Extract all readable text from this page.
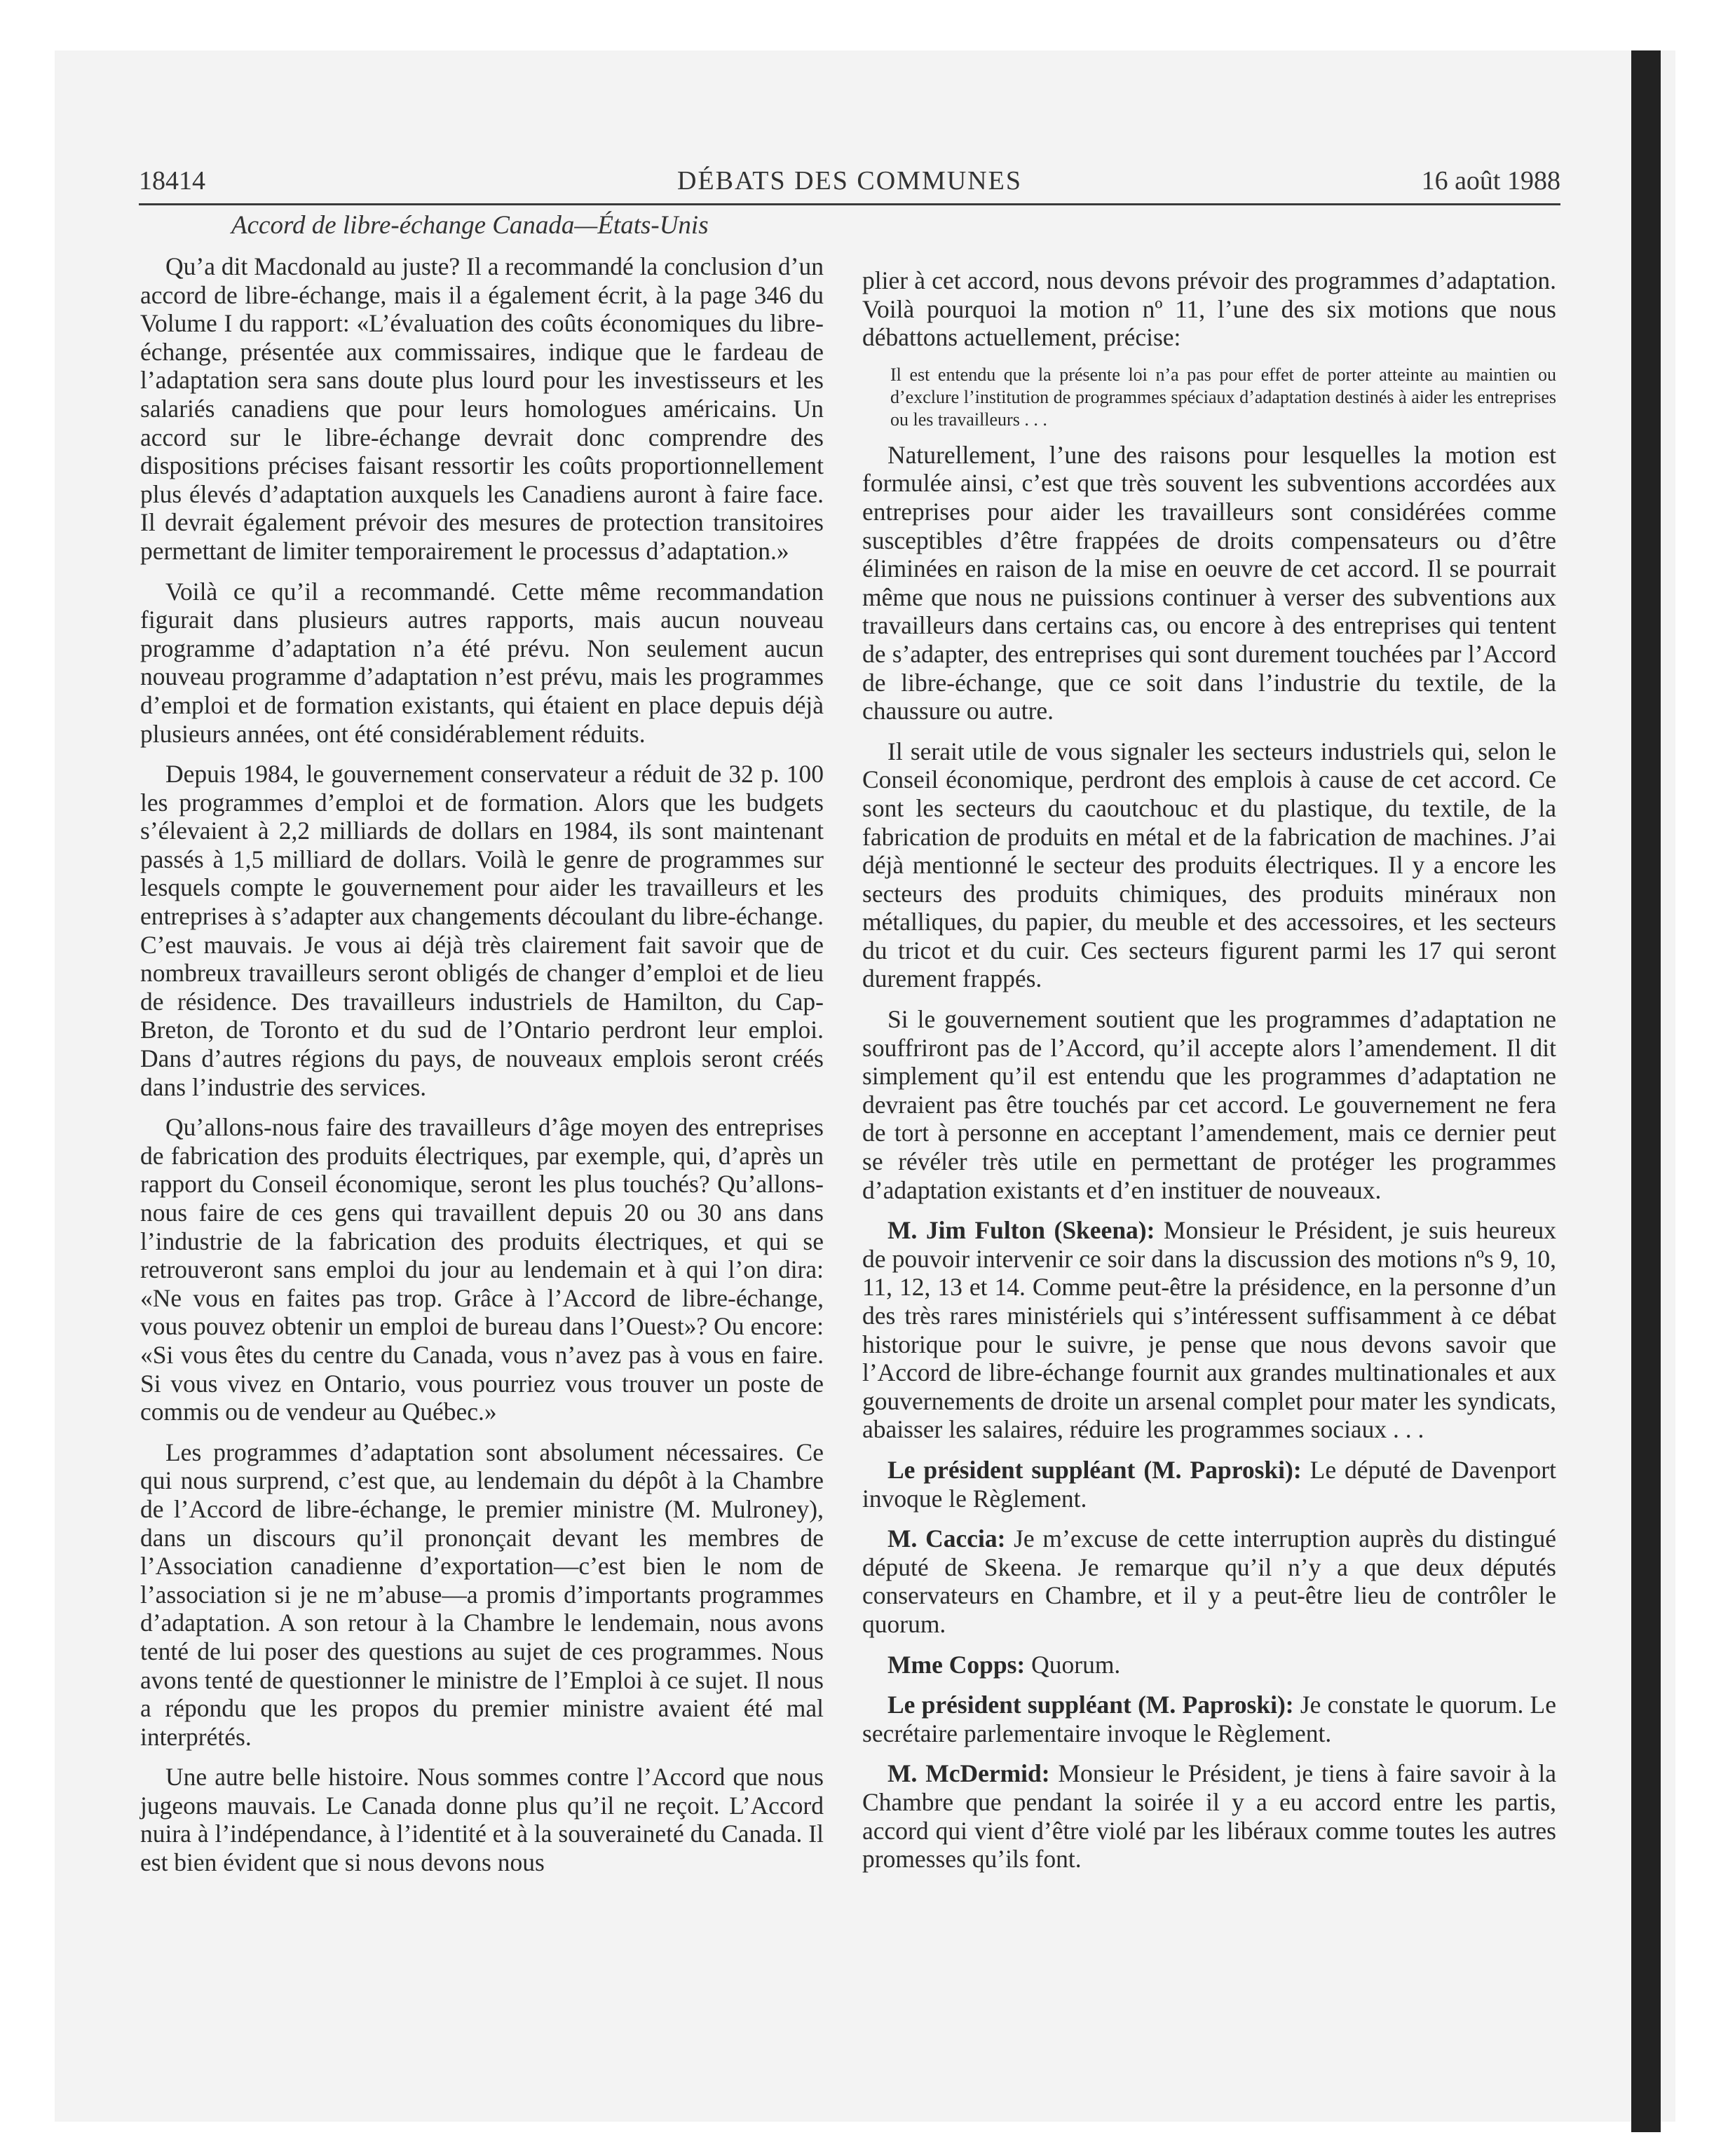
18414	DÉBATS DES COMMUNES	16 août 1988
Accord de libre-échange Canada—États-Unis

Qu’a dit Macdonald au juste? Il a recommandé la conclusion d’un accord de libre-échange, mais il a également écrit, à la page 346 du Volume I du rapport: «L’évaluation des coûts économiques du libre-échange, présentée aux commissaires, indique que le fardeau de l’adaptation sera sans doute plus lourd pour les investisseurs et les salariés canadiens que pour leurs homologues américains. Un accord sur le libre-échange devrait donc comprendre des dispositions précises faisant ressortir les coûts proportionnellement plus élevés d’adaptation auxquels les Canadiens auront à faire face. Il devrait également prévoir des mesures de protection transitoires permettant de limiter temporairement le processus d’adaptation.»

Voilà ce qu’il a recommandé. Cette même recommandation figurait dans plusieurs autres rapports, mais aucun nouveau programme d’adaptation n’a été prévu. Non seulement aucun nouveau programme d’adaptation n’est prévu, mais les programmes d’emploi et de formation existants, qui étaient en place depuis déjà plusieurs années, ont été considérablement réduits.

Depuis 1984, le gouvernement conservateur a réduit de 32 p. 100 les programmes d’emploi et de formation. Alors que les budgets s’élevaient à 2,2 milliards de dollars en 1984, ils sont maintenant passés à 1,5 milliard de dollars. Voilà le genre de programmes sur lesquels compte le gouvernement pour aider les travailleurs et les entreprises à s’adapter aux changements découlant du libre-échange. C’est mauvais. Je vous ai déjà très clairement fait savoir que de nombreux travailleurs seront obligés de changer d’emploi et de lieu de résidence. Des travailleurs industriels de Hamilton, du Cap-Breton, de Toronto et du sud de l’Ontario perdront leur emploi. Dans d’autres régions du pays, de nouveaux emplois seront créés dans l’industrie des services.

Qu’allons-nous faire des travailleurs d’âge moyen des entreprises de fabrication des produits électriques, par exemple, qui, d’après un rapport du Conseil économique, seront les plus touchés? Qu’allons-nous faire de ces gens qui travaillent depuis 20 ou 30 ans dans l’industrie de la fabrication des produits électriques, et qui se retrouveront sans emploi du jour au lendemain et à qui l’on dira: «Ne vous en faites pas trop. Grâce à l’Accord de libre-échange, vous pouvez obtenir un emploi de bureau dans l’Ouest»? Ou encore: «Si vous êtes du centre du Canada, vous n’avez pas à vous en faire. Si vous vivez en Ontario, vous pourriez vous trouver un poste de commis ou de vendeur au Québec.»

Les programmes d’adaptation sont absolument nécessaires. Ce qui nous surprend, c’est que, au lendemain du dépôt à la Chambre de l’Accord de libre-échange, le premier ministre (M. Mulroney), dans un discours qu’il prononçait devant les membres de l’Association canadienne d’exportation—c’est bien le nom de l’association si je ne m’abuse—a promis d’importants programmes d’adaptation. A son retour à la Chambre le lendemain, nous avons tenté de lui poser des questions au sujet de ces programmes. Nous avons tenté de questionner le ministre de l’Emploi à ce sujet. Il nous a répondu que les propos du premier ministre avaient été mal interprétés.

Une autre belle histoire. Nous sommes contre l’Accord que nous jugeons mauvais. Le Canada donne plus qu’il ne reçoit. L’Accord nuira à l’indépendance, à l’identité et à la souveraineté du Canada. Il est bien évident que si nous devons nous

plier à cet accord, nous devons prévoir des programmes d’adaptation. Voilà pourquoi la motion nº 11, l’une des six motions que nous débattons actuellement, précise:

Il est entendu que la présente loi n’a pas pour effet de porter atteinte au maintien ou d’exclure l’institution de programmes spéciaux d’adaptation destinés à aider les entreprises ou les travailleurs . . .

Naturellement, l’une des raisons pour lesquelles la motion est formulée ainsi, c’est que très souvent les subventions accordées aux entreprises pour aider les travailleurs sont considérées comme susceptibles d’être frappées de droits compensateurs ou d’être éliminées en raison de la mise en oeuvre de cet accord. Il se pourrait même que nous ne puissions continuer à verser des subventions aux travailleurs dans certains cas, ou encore à des entreprises qui tentent de s’adapter, des entreprises qui sont durement touchées par l’Accord de libre-échange, que ce soit dans l’industrie du textile, de la chaussure ou autre.

Il serait utile de vous signaler les secteurs industriels qui, selon le Conseil économique, perdront des emplois à cause de cet accord. Ce sont les secteurs du caoutchouc et du plastique, du textile, de la fabrication de produits en métal et de la fabrication de machines. J’ai déjà mentionné le secteur des produits électriques. Il y a encore les secteurs des produits chimiques, des produits minéraux non métalliques, du papier, du meuble et des accessoires, et les secteurs du tricot et du cuir. Ces secteurs figurent parmi les 17 qui seront durement frappés.

Si le gouvernement soutient que les programmes d’adaptation ne souffriront pas de l’Accord, qu’il accepte alors l’amendement. Il dit simplement qu’il est entendu que les programmes d’adaptation ne devraient pas être touchés par cet accord. Le gouvernement ne fera de tort à personne en acceptant l’amendement, mais ce dernier peut se révéler très utile en permettant de protéger les programmes d’adaptation existants et d’en instituer de nouveaux.

M. Jim Fulton (Skeena): Monsieur le Président, je suis heureux de pouvoir intervenir ce soir dans la discussion des motions nºs 9, 10, 11, 12, 13 et 14. Comme peut-être la présidence, en la personne d’un des très rares ministériels qui s’intéressent suffisamment à ce débat historique pour le suivre, je pense que nous devons savoir que l’Accord de libre-échange fournit aux grandes multinationales et aux gouvernements de droite un arsenal complet pour mater les syndicats, abaisser les salaires, réduire les programmes sociaux . . .

Le président suppléant (M. Paproski): Le député de Davenport invoque le Règlement.

M. Caccia: Je m’excuse de cette interruption auprès du distingué député de Skeena. Je remarque qu’il n’y a que deux députés conservateurs en Chambre, et il y a peut-être lieu de contrôler le quorum.

Mme Copps: Quorum.

Le président suppléant (M. Paproski): Je constate le quorum. Le secrétaire parlementaire invoque le Règlement.

M. McDermid: Monsieur le Président, je tiens à faire savoir à la Chambre que pendant la soirée il y a eu accord entre les partis, accord qui vient d’être violé par les libéraux comme toutes les autres promesses qu’ils font.
